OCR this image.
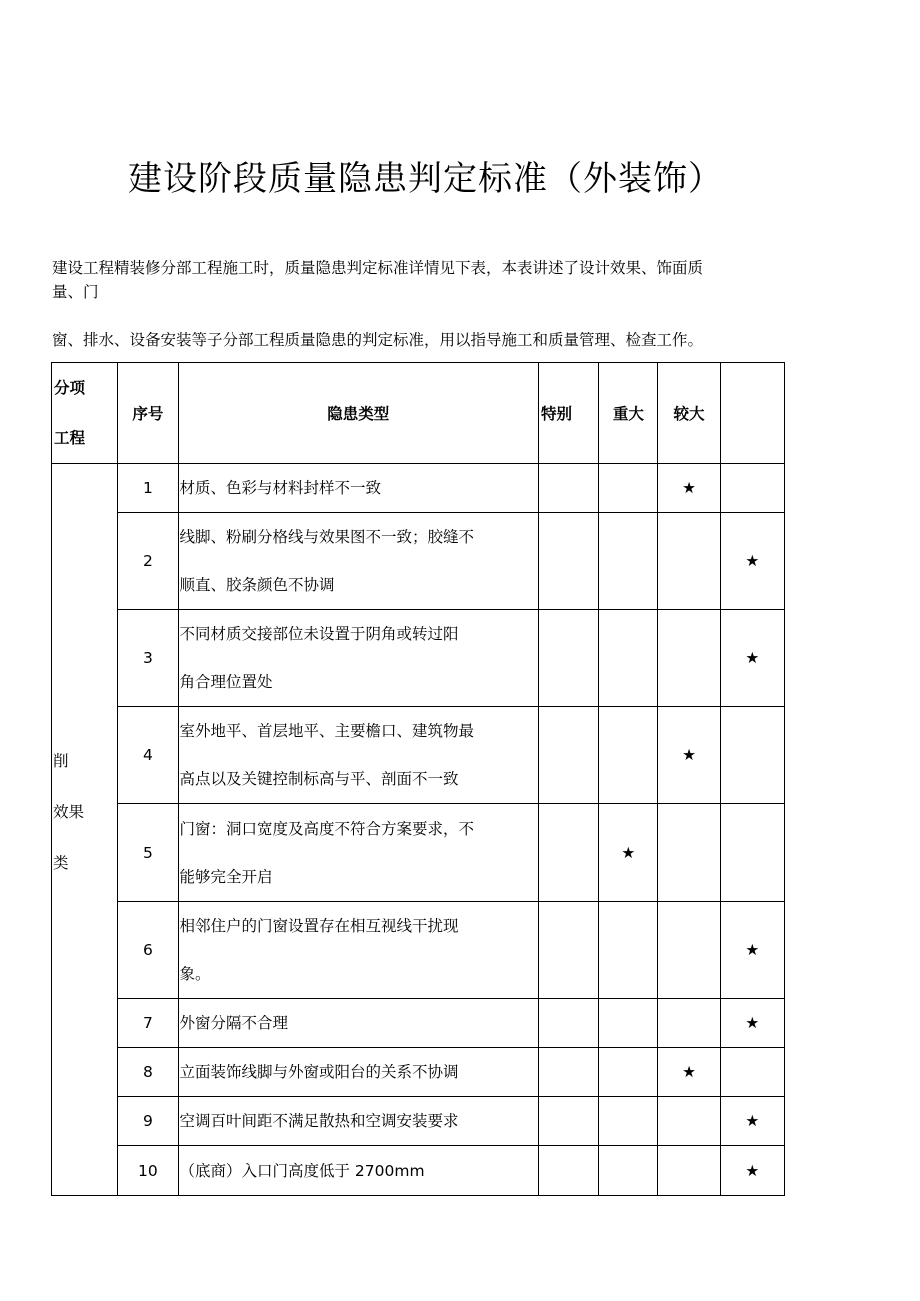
建设阶段质量隐患判定标准（外装饰）
建设工程精装修分部工程施工时，质量隐患判定标准详情见下表，本表讲述了设计效果、饰面质
量、门
窗、排水、设备安装等子分部工程质量隐患的判定标准，用以指导施工和质量管理、检查工作。
分项
工程	序号	隐患类型	特别	重大	较大	

削
效果
类	1	材质、色彩与材料封样不一致			★	
	2	线脚、粉刷分格线与效果图不一致；胶缝不
顺直、胶条颜色不协调				★
	3	不同材质交接部位未设置于阴角或转过阳
角合理位置处				★
	4	室外地平、首层地平、主要檐口、建筑物最
高点以及关键控制标高与平、剖面不一致			★	
	5	门窗：洞口宽度及高度不符合方案要求，不
能够完全开启		★		
	6	相邻住户的门窗设置存在相互视线干扰现
象。				★
	7	外窗分隔不合理				★
	8	立面装饰线脚与外窗或阳台的关系不协调			★	
	9	空调百叶间距不满足散热和空调安装要求				★
	10	（底商）入口门高度低于 2700mm				★
